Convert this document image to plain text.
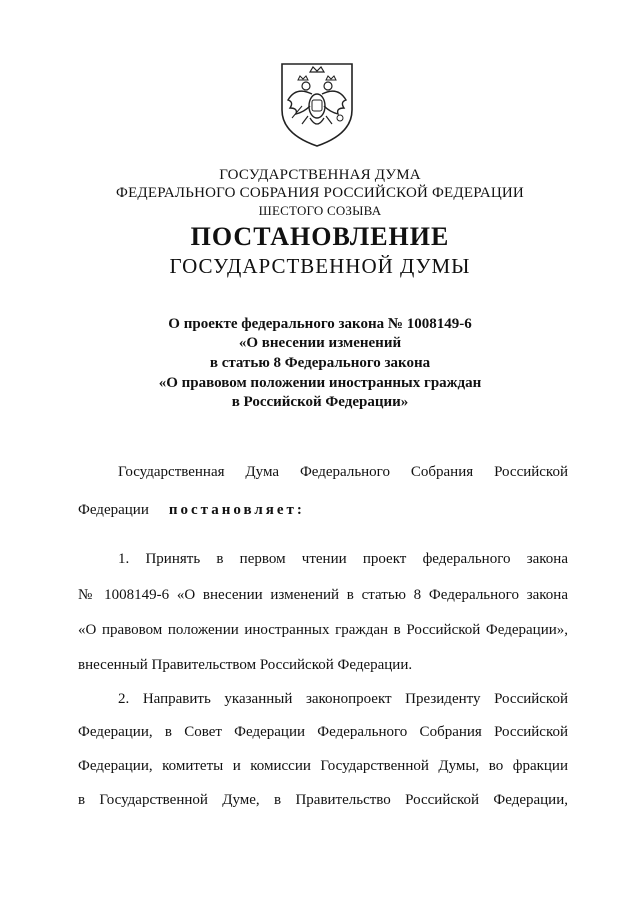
ГОСУДАРСТВЕННАЯ ДУМА
ФЕДЕРАЛЬНОГО СОБРАНИЯ РОССИЙСКОЙ ФЕДЕРАЦИИ
ШЕСТОГО СОЗЫВА
ПОСТАНОВЛЕНИЕ
ГОСУДАРСТВЕННОЙ ДУМЫ
О проекте федерального закона № 1008149-6
«О внесении изменений
в статью 8 Федерального закона
«О правовом положении иностранных граждан
в Российской Федерации»
Государственная Дума Федерального Собрания Российской
Федерации постановляет:
1. Принять в первом чтении проект федерального закона
№ 1008149-6 «О внесении изменений в статью 8 Федерального закона
«О правовом положении иностранных граждан в Российской Федерации»,
внесенный Правительством Российской Федерации.
2. Направить указанный законопроект Президенту Российской
Федерации, в Совет Федерации Федерального Собрания Российской
Федерации, комитеты и комиссии Государственной Думы, во фракции
в Государственной Думе, в Правительство Российской Федерации,
